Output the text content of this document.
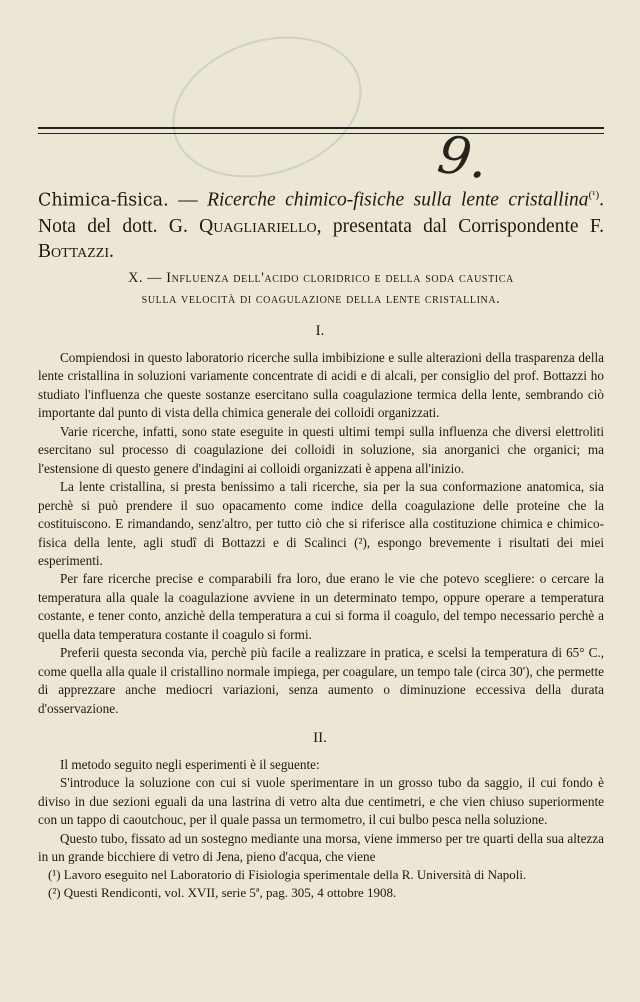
9.
Chimica-fisica. — Ricerche chimico-fisiche sulla lente cristallina$^{(^1)}$. Nota del dott. G. Quagliariello, presentata dal Corrispondente F. Bottazzi.
X. — Influenza dell'acido cloridrico e della soda caustica
sulla velocità di coagulazione della lente cristallina.
I.

Compiendosi in questo laboratorio ricerche sulla imbibizione e sulle alterazioni della trasparenza della lente cristallina in soluzioni variamente concentrate di acidi e di alcali, per consiglio del prof. Bottazzi ho studiato l'influenza che queste sostanze esercitano sulla coagulazione termica della lente, sembrando ciò importante dal punto di vista della chimica generale dei colloidi organizzati.

Varie ricerche, infatti, sono state eseguite in questi ultimi tempi sulla influenza che diversi elettroliti esercitano sul processo di coagulazione dei colloidi in soluzione, sia anorganici che organici; ma l'estensione di questo genere d'indagini ai colloidi organizzati è appena all'inizio.

La lente cristallina, si presta benissimo a tali ricerche, sia per la sua conformazione anatomica, sia perchè si può prendere il suo opacamento come indice della coagulazione delle proteine che la costituiscono. E rimandando, senz'altro, per tutto ciò che si riferisce alla costituzione chimica e chimico-fisica della lente, agli studî di Bottazzi e di Scalinci (²), espongo brevemente i risultati dei miei esperimenti.

Per fare ricerche precise e comparabili fra loro, due erano le vie che potevo scegliere: o cercare la temperatura alla quale la coagulazione avviene in un determinato tempo, oppure operare a temperatura costante, e tener conto, anzichè della temperatura a cui si forma il coagulo, del tempo necessario perchè a quella data temperatura costante il coagulo si formi.

Preferii questa seconda via, perchè più facile a realizzare in pratica, e scelsi la temperatura di 65° C., come quella alla quale il cristallino normale impiega, per coagulare, un tempo tale (circa 30'), che permette di apprezzare anche mediocri variazioni, senza aumento o diminuzione eccessiva della durata d'osservazione.

II.

Il metodo seguito negli esperimenti è il seguente:

S'introduce la soluzione con cui si vuole sperimentare in un grosso tubo da saggio, il cui fondo è diviso in due sezioni eguali da una lastrina di vetro alta due centimetri, e che vien chiuso superiormente con un tappo di caoutchouc, per il quale passa un termometro, il cui bulbo pesca nella soluzione.

Questo tubo, fissato ad un sostegno mediante una morsa, viene immerso per tre quarti della sua altezza in un grande bicchiere di vetro di Jena, pieno d'acqua, che viene

(¹) Lavoro eseguito nel Laboratorio di Fisiologia sperimentale della R. Università di Napoli.

(²) Questi Rendiconti, vol. XVII, serie 5ª, pag. 305, 4 ottobre 1908.
